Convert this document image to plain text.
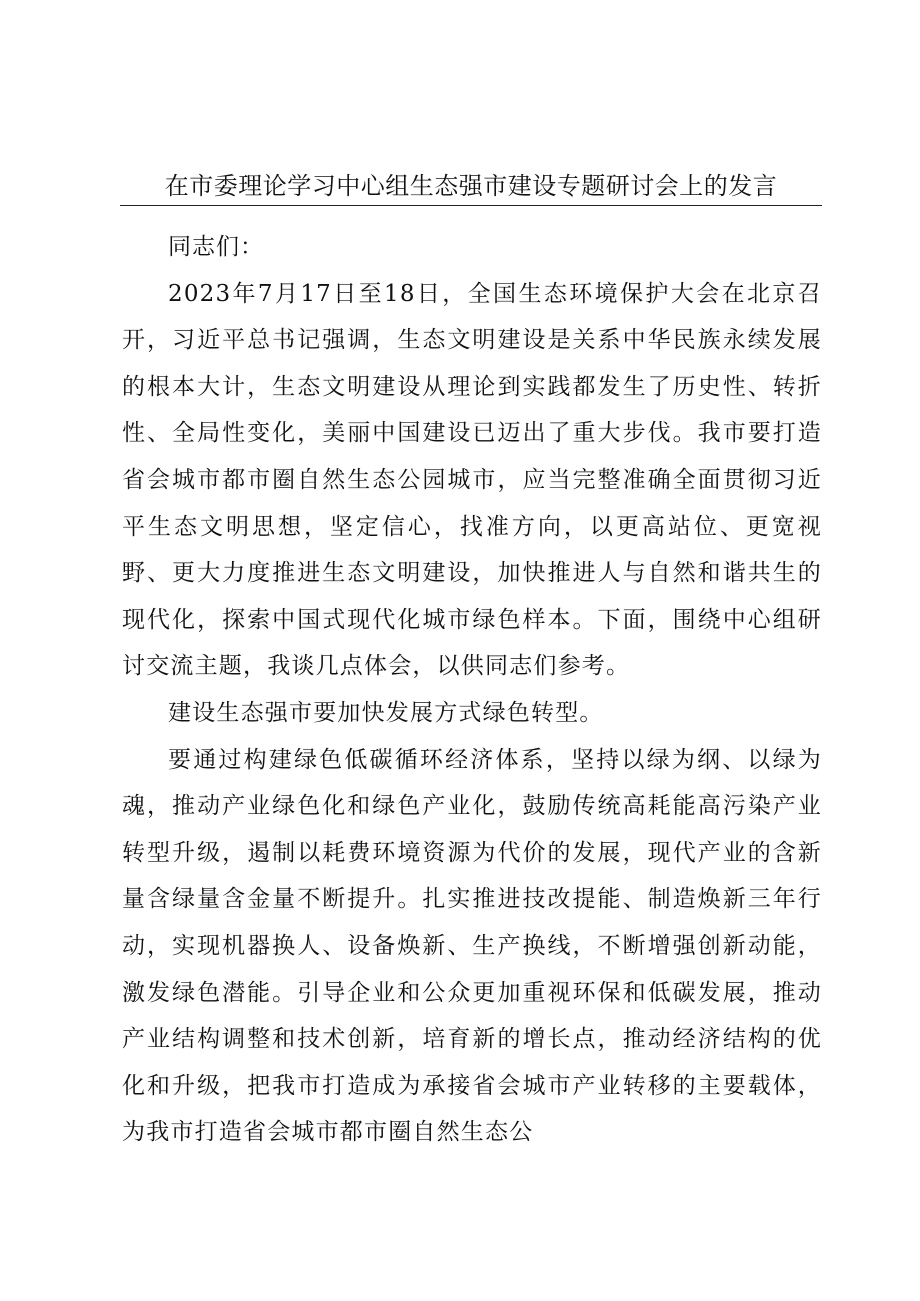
在市委理论学习中心组生态强市建设专题研讨会上的发言

同志们：

2023年7月17日至18日，全国生态环境保护大会在北京召开，习近平总书记强调，生态文明建设是关系中华民族永续发展的根本大计，生态文明建设从理论到实践都发生了历史性、转折性、全局性变化，美丽中国建设已迈出了重大步伐。我市要打造省会城市都市圈自然生态公园城市，应当完整准确全面贯彻习近平生态文明思想，坚定信心，找准方向，以更高站位、更宽视野、更大力度推进生态文明建设，加快推进人与自然和谐共生的现代化，探索中国式现代化城市绿色样本。下面，围绕中心组研讨交流主题，我谈几点体会，以供同志们参考。

建设生态强市要加快发展方式绿色转型。

要通过构建绿色低碳循环经济体系，坚持以绿为纲、以绿为魂，推动产业绿色化和绿色产业化，鼓励传统高耗能高污染产业转型升级，遏制以耗费环境资源为代价的发展，现代产业的含新量含绿量含金量不断提升。扎实推进技改提能、制造焕新三年行动，实现机器换人、设备焕新、生产换线，不断增强创新动能，激发绿色潜能。引导企业和公众更加重视环保和低碳发展，推动产业结构调整和技术创新，培育新的增长点，推动经济结构的优化和升级，把我市打造成为承接省会城市产业转移的主要载体，为我市打造省会城市都市圈自然生态公
